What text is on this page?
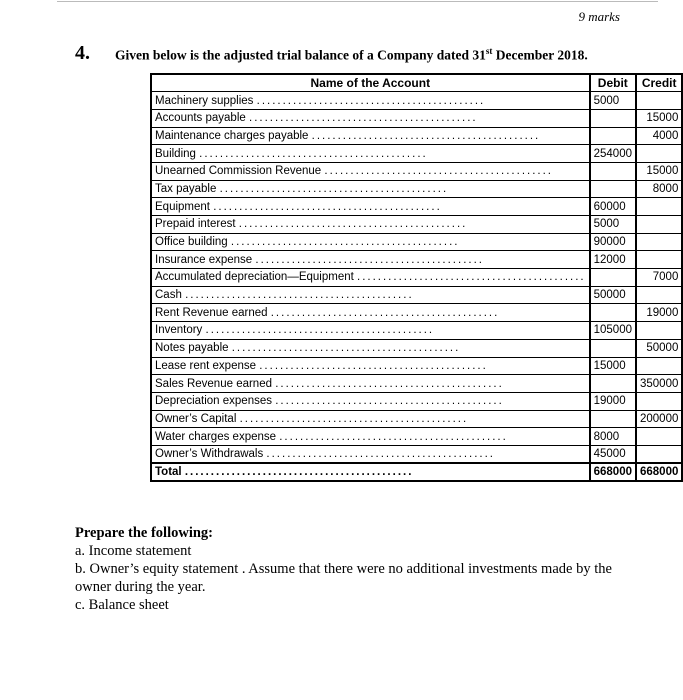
9 marks
4. Given below is the adjusted trial balance of a Company dated 31st December 2018.
Name of the Account	Debit	Credit
Machinery supplies ............................................	5000	
Accounts payable ............................................		15000
Maintenance charges payable ............................................		4000
Building ............................................	254000	
Unearned Commission Revenue ............................................		15000
Tax payable ............................................		8000
Equipment ............................................	60000	
Prepaid interest ............................................	5000	
Office building ............................................	90000	
Insurance expense ............................................	12000	
Accumulated depreciation—Equipment ............................................		7000
Cash ............................................	50000	
Rent Revenue earned ............................................		19000
Inventory ............................................	105000	
Notes payable ............................................		50000
Lease rent expense ............................................	15000	
Sales Revenue earned ............................................		350000
Depreciation expenses ............................................	19000	
Owner’s Capital ............................................		200000
Water charges expense ............................................	8000	
Owner’s Withdrawals ............................................	45000	
Total ............................................	668000	668000
Prepare the following:
a. Income statement
b. Owner’s equity statement . Assume that there were no additional investments made by the owner during the year.
c. Balance sheet
